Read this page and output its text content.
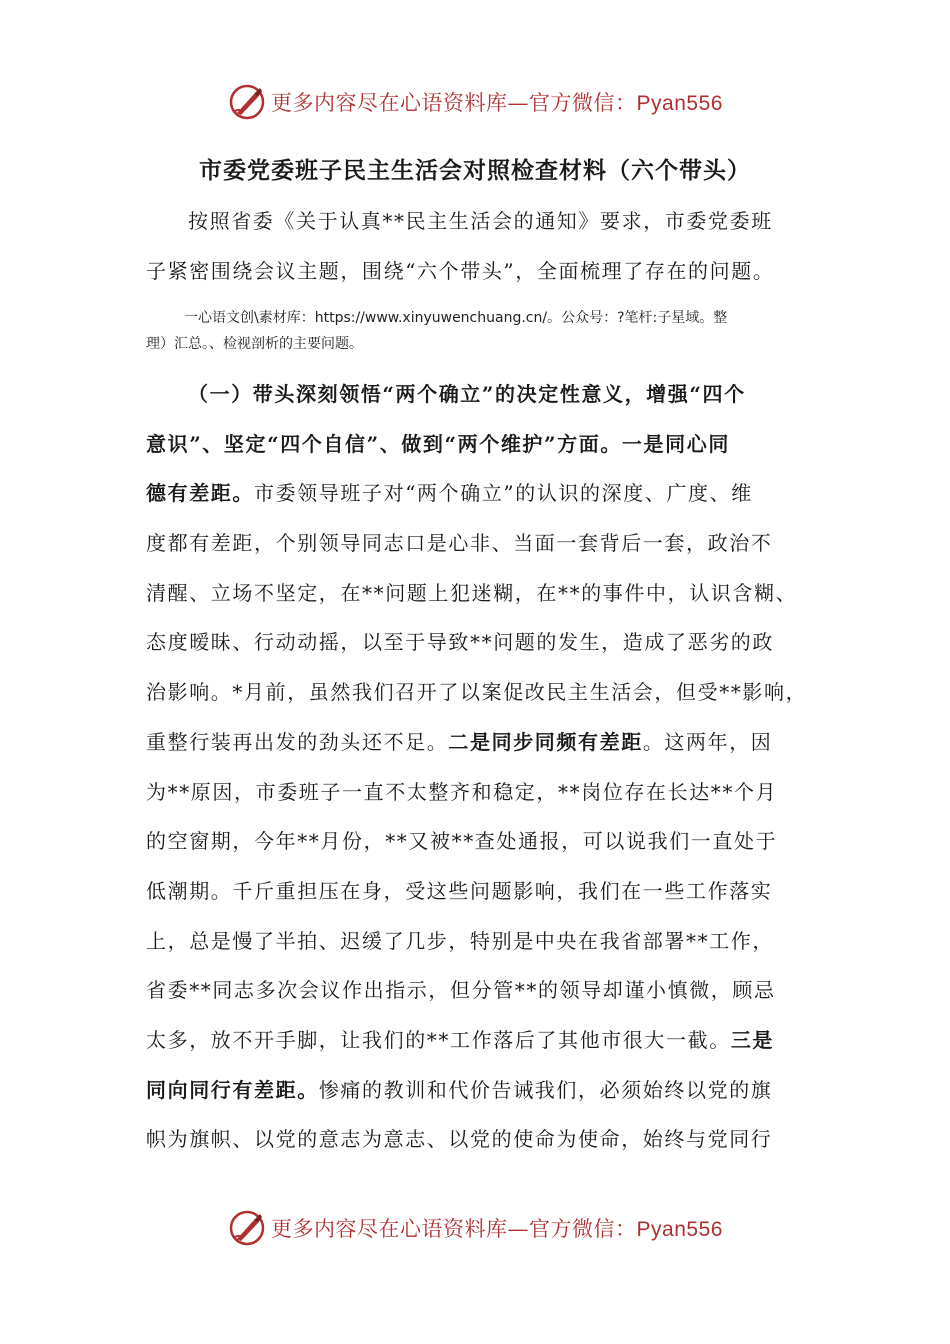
更多内容尽在心语资料库—官方微信：Pyan556
市委党委班子民主生活会对照检查材料（六个带头）
按照省委《关于认真**民主生活会的通知》要求，市委党委班
子紧密围绕会议主题，围绕“六个带头”，全面梳理了存在的问题。
一心语文创\素材库：https://www.xinyuwenchuang.cn/。公众号：?笔杆:子星域。整
理）汇总。、检视剖析的主要问题。
（一）带头深刻领悟“两个确立”的决定性意义，增强“四个
意识”、坚定“四个自信”、做到“两个维护”方面。一是同心同
德有差距。市委领导班子对“两个确立”的认识的深度、广度、维
度都有差距，个别领导同志口是心非、当面一套背后一套，政治不
清醒、立场不坚定，在**问题上犯迷糊，在**的事件中，认识含糊、
态度暧昧、行动动摇，以至于导致**问题的发生，造成了恶劣的政
治影响。*月前，虽然我们召开了以案促改民主生活会，但受**影响，
重整行装再出发的劲头还不足。二是同步同频有差距。这两年，因
为**原因，市委班子一直不太整齐和稳定，**岗位存在长达**个月
的空窗期，今年**月份，**又被**查处通报，可以说我们一直处于
低潮期。千斤重担压在身，受这些问题影响，我们在一些工作落实
上，总是慢了半拍、迟缓了几步，特别是中央在我省部署**工作，
省委**同志多次会议作出指示，但分管**的领导却谨小慎微，顾忌
太多，放不开手脚，让我们的**工作落后了其他市很大一截。三是
同向同行有差距。惨痛的教训和代价告诫我们，必须始终以党的旗
帜为旗帜、以党的意志为意志、以党的使命为使命，始终与党同行
更多内容尽在心语资料库—官方微信：Pyan556
